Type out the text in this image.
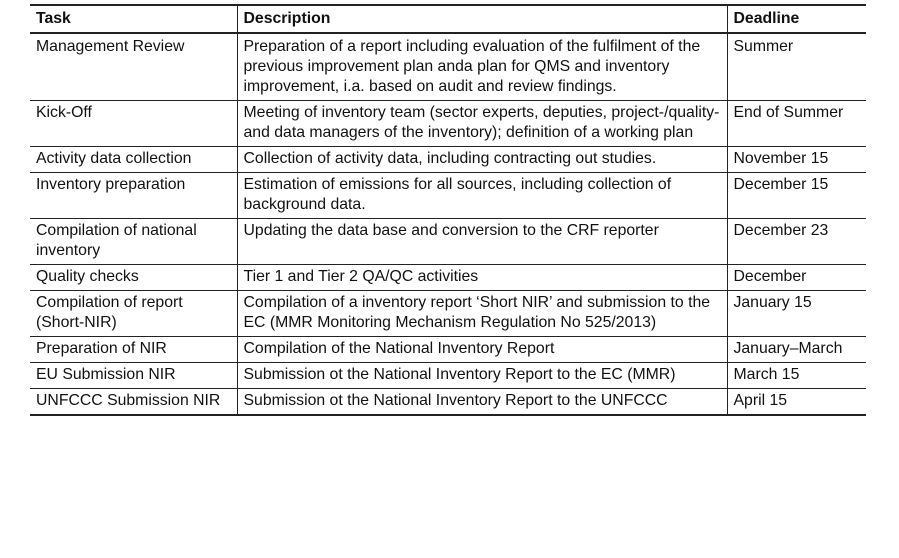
Task	Description	Deadline
Management Review	Preparation of a report including evaluation of the fulfilment of the previous improvement plan anda plan for QMS and inventory improvement, i.a. based on audit and review findings.	Summer
Kick-Off	Meeting of inventory team (sector experts, deputies, project-/quality- and data managers of the inventory); definition of a working plan	End of Summer
Activity data collection	Collection of activity data, including contracting out studies.	November 15
Inventory preparation	Estimation of emissions for all sources, including collection of background data.	December 15
Compilation of national inventory	Updating the data base and conversion to the CRF reporter	December 23
Quality checks	Tier 1 and Tier 2 QA/QC activities	December
Compilation of report (Short-NIR)	Compilation of a inventory report ‘Short NIR’ and submission to the EC (MMR Monitoring Mechanism Regulation No 525/2013)	January 15
Preparation of NIR	Compilation of the National Inventory Report	January–March
EU Submission NIR	Submission ot the National Inventory Report to the EC (MMR)	March 15
UNFCCC Submission NIR	Submission ot the National Inventory Report to the UNFCCC	April 15
